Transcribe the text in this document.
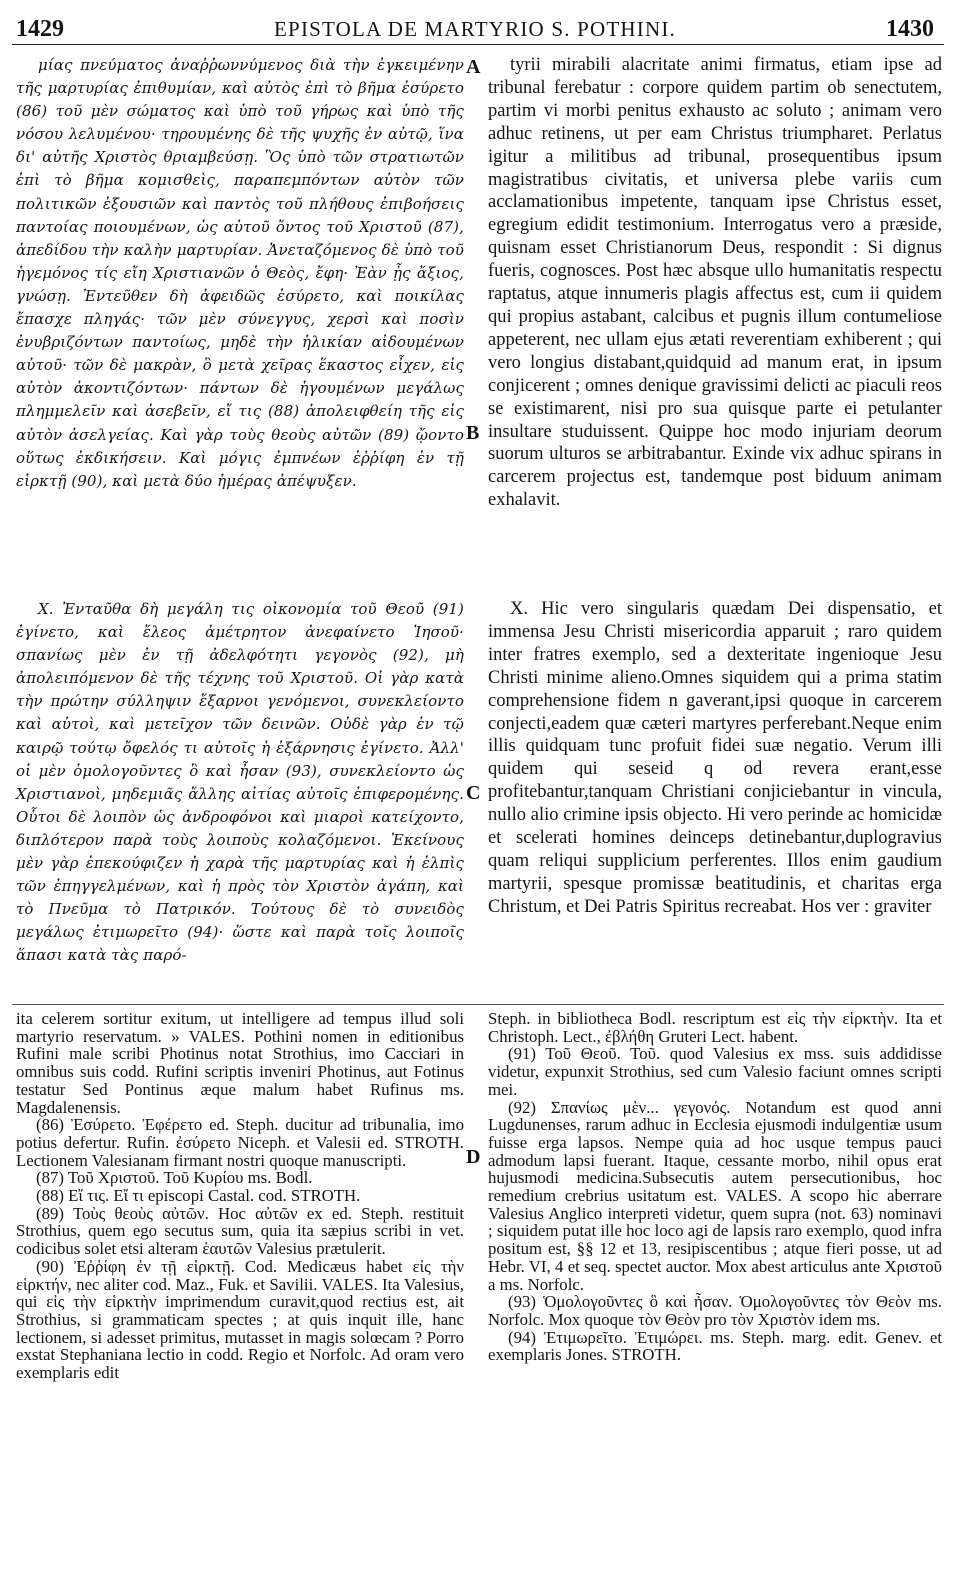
1429	EPISTOLA DE MARTYRIO S. POTHINI.	1430

μίας πνεύματος ἀναῤῥωννύμενος διὰ τὴν ἐγκειμένην τῆς μαρτυρίας ἐπιθυμίαν, καὶ αὐτὸς ἐπὶ τὸ βῆμα ἐσύρετο (86) τοῦ μὲν σώματος καὶ ὑπὸ τοῦ γήρως καὶ ὑπὸ τῆς νόσου λελυμένου· τηρουμένης δὲ τῆς ψυχῆς ἐν αὐτῷ, ἵνα δι' αὐτῆς Χριστὸς θριαμβεύσῃ. Ὃς ὑπὸ τῶν στρατιωτῶν ἐπὶ τὸ βῆμα κομισθεὶς, παραπεμπόντων αὐτὸν τῶν πολιτικῶν ἐξουσιῶν καὶ παντὸς τοῦ πλήθους ἐπιβοήσεις παντοίας ποιουμένων, ὡς αὐτοῦ ὄντος τοῦ Χριστοῦ (87), ἀπεδίδου τὴν καλὴν μαρτυρίαν. Ἀνεταζόμενος δὲ ὑπὸ τοῦ ἡγεμόνος τίς εἴη Χριστιανῶν ὁ Θεὸς, ἔφη· Ἐὰν ᾖς ἄξιος, γνώσῃ. Ἐντεῦθεν δὴ ἀφειδῶς ἐσύρετο, καὶ ποικίλας ἔπασχε πληγάς· τῶν μὲν σύνεγγυς, χερσὶ καὶ ποσὶν ἐνυβριζόντων παντοίως, μηδὲ τὴν ἡλικίαν αἰδουμένων αὐτοῦ· τῶν δὲ μακρὰν, ὃ μετὰ χεῖρας ἕκαστος εἶχεν, εἰς αὐτὸν ἀκοντιζόντων· πάντων δὲ ἡγουμένων μεγάλως πλημμελεῖν καὶ ἀσεβεῖν, εἴ τις (88) ἀπολειφθείη τῆς εἰς αὐτὸν ἀσελγείας. Καὶ γὰρ τοὺς θεοὺς αὐτῶν (89) ᾤοντο οὕτως ἐκδικήσειν. Καὶ μόγις ἐμπνέων ἐῤῥίφη ἐν τῇ εἱρκτῇ (90), καὶ μετὰ δύο ἡμέρας ἀπέψυξεν.

X. Ἐνταῦθα δὴ μεγάλη τις οἰκονομία τοῦ Θεοῦ (91) ἐγίνετο, καὶ ἔλεος ἀμέτρητον ἀνεφαίνετο Ἰησοῦ· σπανίως μὲν ἐν τῇ ἀδελφότητι γεγονὸς (92), μὴ ἀπολειπόμενον δὲ τῆς τέχνης τοῦ Χριστοῦ. Οἱ γὰρ κατὰ τὴν πρώτην σύλληψιν ἔξαρνοι γενόμενοι, συνεκλείοντο καὶ αὐτοὶ, καὶ μετεῖχον τῶν δεινῶν. Οὐδὲ γὰρ ἐν τῷ καιρῷ τούτῳ ὄφελός τι αὐτοῖς ἡ ἐξάρνησις ἐγίνετο. Ἀλλ' οἱ μὲν ὁμολογοῦντες ὃ καὶ ἦσαν (93), συνεκλείοντο ὡς Χριστιανοὶ, μηδεμιᾶς ἄλλης αἰτίας αὐτοῖς ἐπιφερομένης. Οὗτοι δὲ λοιπὸν ὡς ἀνδροφόνοι καὶ μιαροὶ κατείχοντο, διπλότερον παρὰ τοὺς λοιποὺς κολαζόμενοι. Ἐκείνους μὲν γὰρ ἐπεκούφιζεν ἡ χαρὰ τῆς μαρτυρίας καὶ ἡ ἐλπὶς τῶν ἐπηγγελμένων, καὶ ἡ πρὸς τὸν Χριστὸν ἀγάπη, καὶ τὸ Πνεῦμα τὸ Πατρικόν. Τούτους δὲ τὸ συνειδὸς μεγάλως ἐτιμωρεῖτο (94)· ὥστε καὶ παρὰ τοῖς λοιποῖς ἅπασι κατὰ τὰς παρό-

tyrii mirabili alacritate animi firmatus, etiam ipse ad tribunal ferebatur : corpore quidem partim ob senectutem, partim vi morbi penitus exhausto ac soluto ; animam vero adhuc retinens, ut per eam Christus triumpharet. Perlatus igitur a militibus ad tribunal, prosequentibus ipsum magistratibus civitatis, et universa plebe variis cum acclamationibus impetente, tanquam ipse Christus esset, egregium edidit testimonium. Interrogatus vero a præside, quisnam esset Christianorum Deus, respondit : Si dignus fueris, cognosces. Post hæc absque ullo humanitatis respectu raptatus, atque innumeris plagis affectus est, cum ii quidem qui propius astabant, calcibus et pugnis illum contumeliose appeterent, nec ullam ejus ætati reverentiam exhiberent ; qui vero longius distabant,quidquid ad manum erat, in ipsum conjicerent ; omnes denique gravissimi delicti ac piaculi reos se existimarent, nisi pro sua quisque parte ei petulanter insultare studuissent. Quippe hoc modo injuriam deorum suorum ulturos se arbitrabantur. Exinde vix adhuc spirans in carcerem projectus est, tandemque post biduum animam exhalavit.

X. Hic vero singularis quædam Dei dispensatio, et immensa Jesu Christi misericordia apparuit ; raro quidem inter fratres exemplo, sed a dexteritate ingenioque Jesu Christi minime alieno.Omnes siquidem qui a prima statim comprehensione fidem n gaverant,ipsi quoque in carcerem conjecti,eadem quæ cæteri martyres perferebant.Neque enim illis quidquam tunc profuit fidei suæ negatio. Verum illi quidem qui seseid q od revera erant,esse profitebantur,tanquam Christiani conjiciebantur in vincula, nullo alio crimine ipsis objecto. Hi vero perinde ac homicidæ et scelerati homines deinceps detinebantur,duplogravius quam reliqui supplicium perferentes. Illos enim gaudium martyrii, spesque promissæ beatitudinis, et charitas erga Christum, et Dei Patris Spiritus recreabat. Hos ver : graviter

A
B
C
D

ita celerem sortitur exitum, ut intelligere ad tempus illud soli martyrio reservatum. » VALES. Pothini nomen in editionibus Rufini male scribi Photinus notat Strothius, imo Cacciari in omnibus suis codd. Rufini scriptis inveniri Photinus, aut Fotinus testatur Sed Pontinus æque malum habet Rufinus ms. Magdalenensis.

(86) Ἐσύρετο. Ἐφέρετο ed. Steph. ducitur ad tribunalia, imo potius defertur. Rufin. ἐσύρετο Niceph. et Valesii ed. STROTH. Lectionem Valesianam firmant nostri quoque manuscripti.

(87) Τοῦ Χριστοῦ. Τοῦ Κυρίου ms. Bodl.

(88) Εἴ τις. Εἴ τι episcopi Castal. cod. STROTH.

(89) Τοὺς θεοὺς αὐτῶν. Hoc αὐτῶν ex ed. Steph. restituit Strothius, quem ego secutus sum, quia ita sæpius scribi in vet. codicibus solet etsi alteram ἑαυτῶν Valesius prætulerit.

(90) Ἐῤῥίφη ἐν τῇ εἱρκτῇ. Cod. Medicæus habet εἰς τὴν εἱρκτήν, nec aliter cod. Maz., Fuk. et Savilii. VALES. Ita Valesius, qui εἰς τὴν εἱρκτὴν imprimendum curavit,quod rectius est, ait Strothius, si grammaticam spectes ; at quis inquit ille, hanc lectionem, si adesset primitus, mutasset in magis solœcam ? Porro exstat Stephaniana lectio in codd. Regio et Norfolc. Ad oram vero exemplaris edit

Steph. in bibliotheca Bodl. rescriptum est εἰς τὴν εἱρκτὴν. Ita et Christoph. Lect., ἐβλήθη Gruteri Lect. habent.

(91) Τοῦ Θεοῦ. Τοῦ. quod Valesius ex mss. suis addidisse videtur, expunxit Strothius, sed cum Valesio faciunt omnes scripti mei.

(92) Σπανίως μὲν... γεγονός. Notandum est quod anni Lugdunenses, rarum adhuc in Ecclesia ejusmodi indulgentiæ usum fuisse erga lapsos. Nempe quia ad hoc usque tempus pauci admodum lapsi fuerant. Itaque, cessante morbo, nihil opus erat hujusmodi medicina.Subsecutis autem persecutionibus, hoc remedium crebrius usitatum est. VALES. A scopo hic aberrare Valesius Anglico interpreti videtur, quem supra (not. 63) nominavi ; siquidem putat ille hoc loco agi de lapsis raro exemplo, quod infra positum est, §§ 12 et 13, resipiscentibus ; atque fieri posse, ut ad Hebr. VI, 4 et seq. spectet auctor. Mox abest articulus ante Χριστοῦ a ms. Norfolc.

(93) Ὁμολογοῦντες ὃ καὶ ἦσαν. Ὁμολογοῦντες τὸν Θεὸν ms. Norfolc. Mox quoque τὸν Θεὸν pro τὸν Χριστὸν idem ms.

(94) Ἐτιμωρεῖτο. Ἐτιμώρει. ms. Steph. marg. edit. Genev. et exemplaris Jones. STROTH.
